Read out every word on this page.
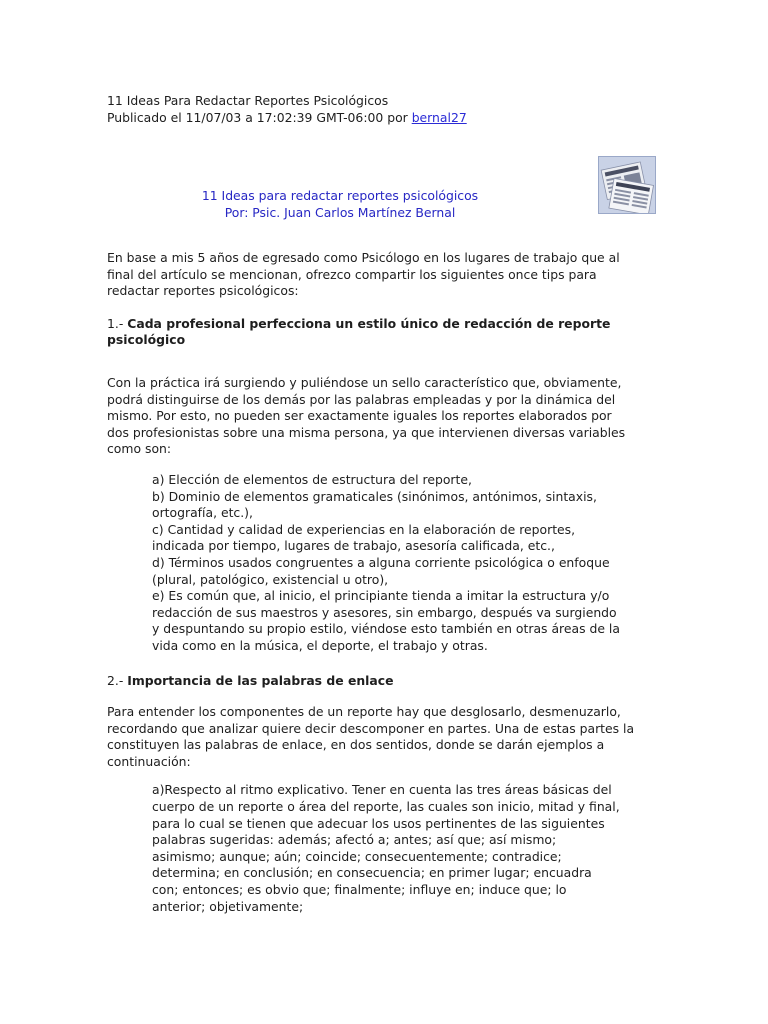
11 Ideas Para Redactar Reportes Psicológicos
Publicado el 11/07/03 a 17:02:39 GMT-06:00 por bernal27
11 Ideas para redactar reportes psicológicos
Por: Psic. Juan Carlos Martínez Bernal

En base a mis 5 años de egresado como Psicólogo en los lugares de trabajo que al final del artículo se mencionan, ofrezco compartir los siguientes once tips para redactar reportes psicológicos:

1.- Cada profesional perfecciona un estilo único de redacción de reporte psicológico

Con la práctica irá surgiendo y puliéndose un sello característico que, obviamente, podrá distinguirse de los demás por las palabras empleadas y por la dinámica del mismo. Por esto, no pueden ser exactamente iguales los reportes elaborados por dos profesionistas sobre una misma persona, ya que intervienen diversas variables como son:

a) Elección de elementos de estructura del reporte,

b) Dominio de elementos gramaticales (sinónimos, antónimos, sintaxis, ortografía, etc.),

c) Cantidad y calidad de experiencias en la elaboración de reportes, indicada por tiempo, lugares de trabajo, asesoría calificada, etc.,

d) Términos usados congruentes a alguna corriente psicológica o enfoque (plural, patológico, existencial u otro),

e) Es común que, al inicio, el principiante tienda a imitar la estructura y/o redacción de sus maestros y asesores, sin embargo, después va surgiendo y despuntando su propio estilo, viéndose esto también en otras áreas de la vida como en la música, el deporte, el trabajo y otras.

2.- Importancia de las palabras de enlace

Para entender los componentes de un reporte hay que desglosarlo, desmenuzarlo, recordando que analizar quiere decir descomponer en partes. Una de estas partes la constituyen las palabras de enlace, en dos sentidos, donde se darán ejemplos a continuación:

a)Respecto al ritmo explicativo. Tener en cuenta las tres áreas básicas del cuerpo de un reporte o área del reporte, las cuales son inicio, mitad y final, para lo cual se tienen que adecuar los usos pertinentes de las siguientes palabras sugeridas: además; afectó a; antes; así que; así mismo; asimismo; aunque; aún; coincide; consecuentemente; contradice; determina; en conclusión; en consecuencia; en primer lugar; encuadra con; entonces; es obvio que; finalmente; influye en; induce que; lo anterior; objetivamente;
